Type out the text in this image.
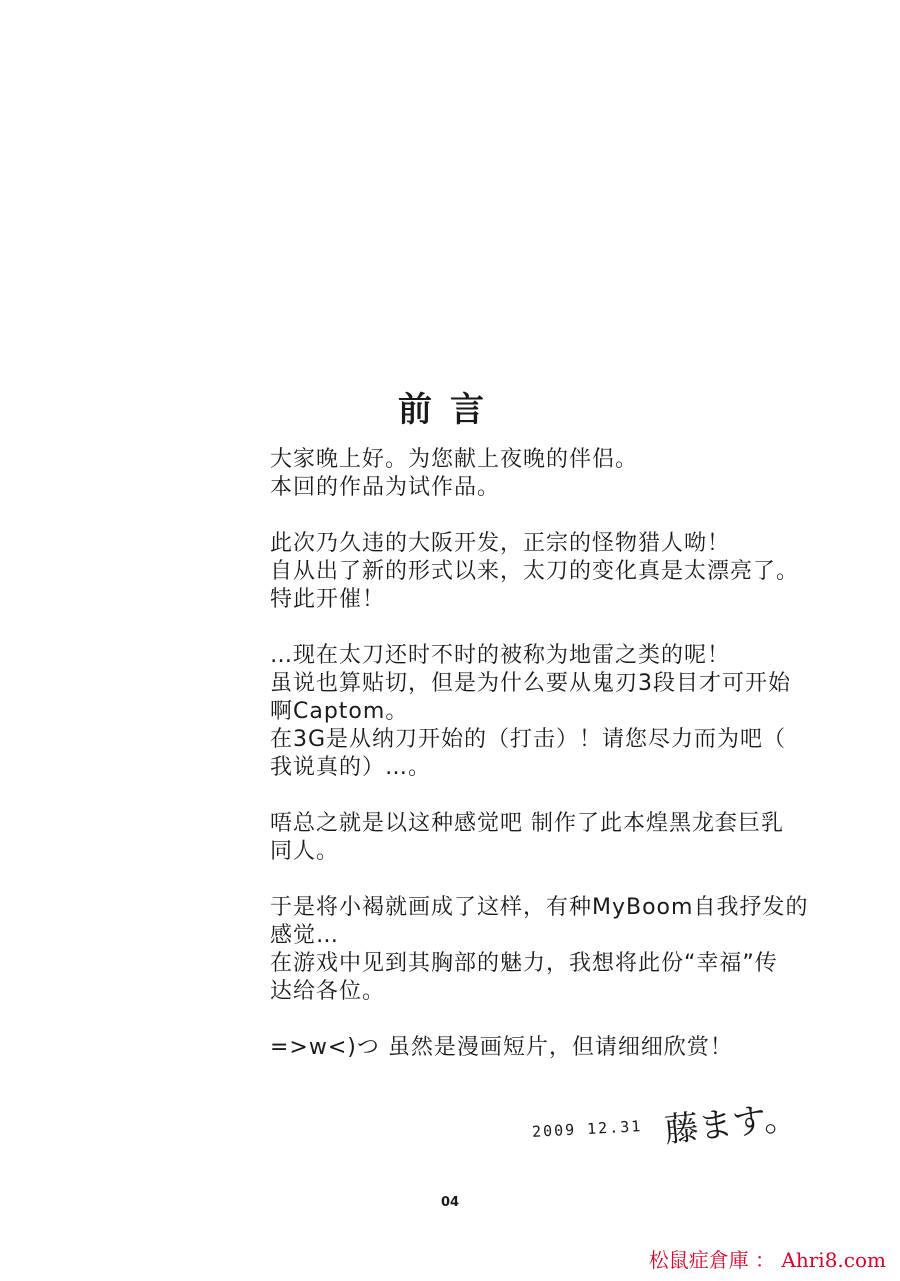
前言
大家晚上好。为您献上夜晚的伴侣。
本回的作品为试作品。
此次乃久违的大阪开发，正宗的怪物猎人呦！
自从出了新的形式以来，太刀的变化真是太漂亮了。
特此开催！
…现在太刀还时不时的被称为地雷之类的呢！
虽说也算贴切，但是为什么要从鬼刃3段目才可开始
啊Captom。
在3G是从纳刀开始的（打击）！请您尽力而为吧（
我说真的）…。
唔总之就是以这种感觉吧 制作了此本煌黑龙套巨乳
同人。
于是将小褐就画成了这样，有种MyBoom自我抒发的
感觉…
在游戏中见到其胸部的魅力，我想将此份“幸福”传
达给各位。
=>w<)つ 虽然是漫画短片，但请细细欣赏！
2009 12.31 藤ます。
04
松鼠症倉庫 ： Ahri8.com
